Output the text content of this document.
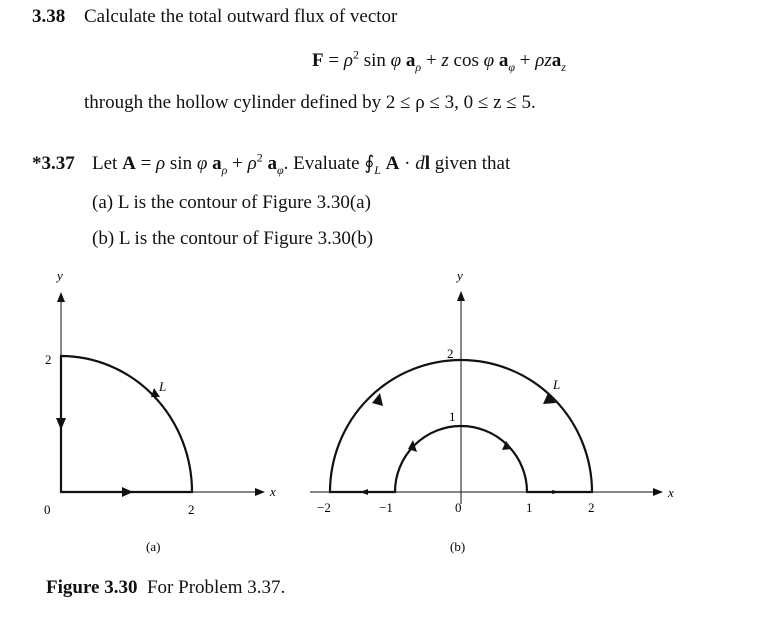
3.38 Calculate the total outward flux of vector
$F = \rho^2$ sin φ $a_\rho + z$ cos φ $a_\varphi + \rho za_z$
through the hollow cylinder defined by 2 ≤ ρ ≤ 3, 0 ≤ z ≤ 5.
*3.37 Let A = ρ sin φ $a_\rho + \rho^2$ $a_\varphi$. Evaluate $∮_L$ A · dl given that
(a) L is the contour of Figure 3.30(a)
(b) L is the contour of Figure 3.30(b)
y
x
2
0	2
L
(a)
y
x
−2	−1	0	1	2
2
1
L
(b)
Figure 3.30 For Problem 3.37.
